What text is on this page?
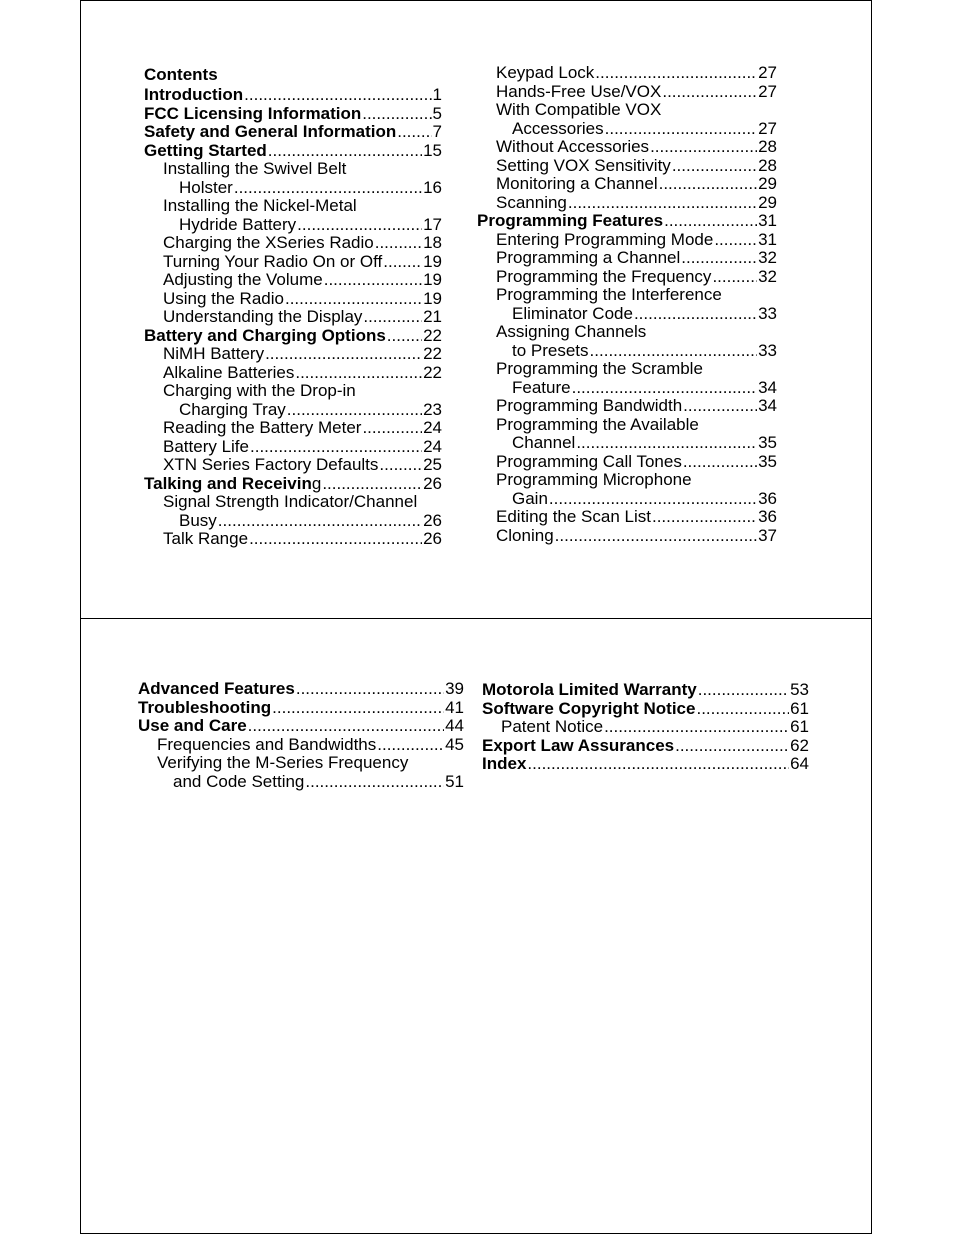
Contents
Introduction .....	1
FCC Licensing Information .....	5
Safety and General Information ..... 7
Getting Started .....	15
Installing the Swivel Belt
Holster .....	16
Installing the Nickel-Metal
Hydride Battery .....	17
Charging the XSeries Radio .....	18
Turning Your Radio On or Off ..... 19
Adjusting the Volume .....	19
Using the Radio .....	19
Understanding the Display .....	21
Battery and Charging Options ..... 22
NiMH Battery .....	22
Alkaline Batteries .....	22
Charging with the Drop-in
Charging Tray .....	23
Reading the Battery Meter .....	24
Battery Life .....	24
XTN Series Factory Defaults .....	25
Talking and Receiving .....	26
Signal Strength Indicator/Channel
Busy .....	26
Talk Range .....	26
Keypad Lock .....	27
Hands-Free Use/VOX .....	27
With Compatible VOX
Accessories .....	27
Without Accessories .....	28
Setting VOX Sensitivity .....	28
Monitoring a Channel .....	29
Scanning .....	29
Programming Features .....	31
Entering Programming Mode .....	31
Programming a Channel .....	32
Programming the Frequency .....	32
Programming the Interference
Eliminator Code .....	33
Assigning Channels
to Presets .....	33
Programming the Scramble
Feature .....	34
Programming Bandwidth .....	34
Programming the Available
Channel .....	35
Programming Call Tones .....	35
Programming Microphone
Gain .....	36
Editing the Scan List .....	36
Cloning .....	37
Advanced Features .....	39
Troubleshooting .....	41
Use and Care .....	44
Frequencies and Bandwidths .....	45
Verifying the M-Series Frequency
and Code Setting .....	51
Motorola Limited Warranty .....	53
Software Copyright Notice .....	61
Patent Notice .....	61
Export Law Assurances .....	62
Index .....	64
